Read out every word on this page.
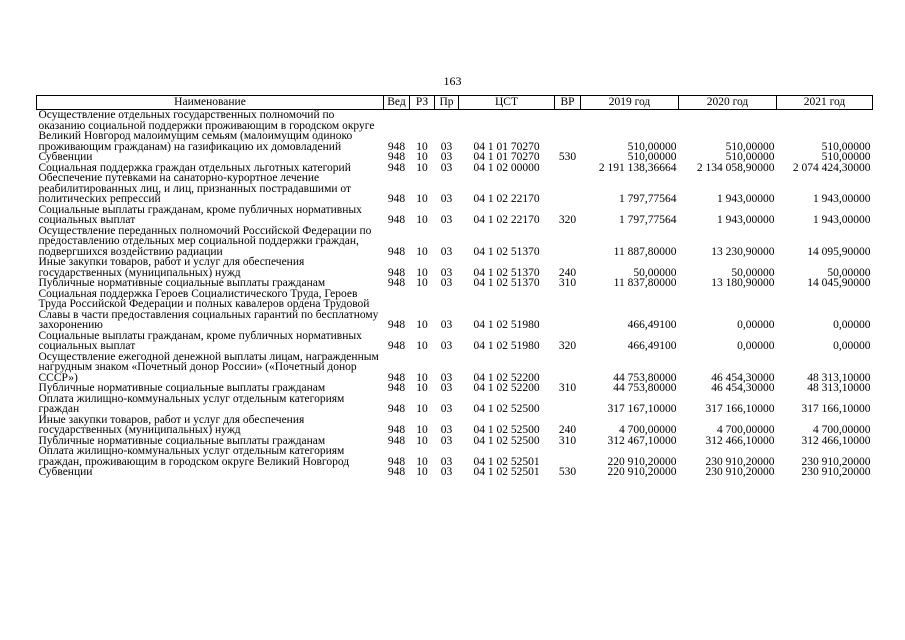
163
Наименование	Вед	РЗ	Пр	ЦСТ	ВР	2019 год	2020 год	2021 год
Осуществление отдельных государственных полномочий по оказанию социальной поддержки проживающим в городском округе Великий Новгород малоимущим семьям (малоимущим одиноко проживающим гражданам) на газификацию их домовладений	948	10	03	04 1 01 70270		510,00000	510,00000	510,00000
Субвенции	948	10	03	04 1 01 70270	530	510,00000	510,00000	510,00000
Социальная поддержка граждан отдельных льготных категорий	948	10	03	04 1 02 00000		2 191 138,36664	2 134 058,90000	2 074 424,30000
Обеспечение путевками на санаторно-курортное лечение реабилитированных лиц, и лиц, признанных пострадавшими от политических репрессий	948	10	03	04 1 02 22170		1 797,77564	1 943,00000	1 943,00000
Социальные выплаты гражданам, кроме публичных нормативных социальных выплат	948	10	03	04 1 02 22170	320	1 797,77564	1 943,00000	1 943,00000
Осуществление переданных полномочий Российской Федерации по предоставлению отдельных мер социальной поддержки граждан, подвергшихся воздействию радиации	948	10	03	04 1 02 51370		11 887,80000	13 230,90000	14 095,90000
Иные закупки товаров, работ и услуг для обеспечения государственных (муниципальных) нужд	948	10	03	04 1 02 51370	240	50,00000	50,00000	50,00000
Публичные нормативные социальные выплаты гражданам	948	10	03	04 1 02 51370	310	11 837,80000	13 180,90000	14 045,90000
Социальная поддержка Героев Социалистического Труда, Героев Труда Российской Федерации и полных кавалеров ордена Трудовой Славы в части предоставления социальных гарантий по бесплатному захоронению	948	10	03	04 1 02 51980		466,49100	0,00000	0,00000
Социальные выплаты гражданам, кроме публичных нормативных социальных выплат	948	10	03	04 1 02 51980	320	466,49100	0,00000	0,00000
Осуществление ежегодной денежной выплаты лицам, награжденным нагрудным знаком «Почетный донор России» («Почетный донор СССР»)	948	10	03	04 1 02 52200		44 753,80000	46 454,30000	48 313,10000
Публичные нормативные социальные выплаты гражданам	948	10	03	04 1 02 52200	310	44 753,80000	46 454,30000	48 313,10000
Оплата жилищно-коммунальных услуг отдельным категориям граждан	948	10	03	04 1 02 52500		317 167,10000	317 166,10000	317 166,10000
Иные закупки товаров, работ и услуг для обеспечения государственных (муниципальных) нужд	948	10	03	04 1 02 52500	240	4 700,00000	4 700,00000	4 700,00000
Публичные нормативные социальные выплаты гражданам	948	10	03	04 1 02 52500	310	312 467,10000	312 466,10000	312 466,10000
Оплата жилищно-коммунальных услуг отдельным категориям граждан, проживающим в городском округе Великий Новгород	948	10	03	04 1 02 52501		220 910,20000	230 910,20000	230 910,20000
Субвенции	948	10	03	04 1 02 52501	530	220 910,20000	230 910,20000	230 910,20000
